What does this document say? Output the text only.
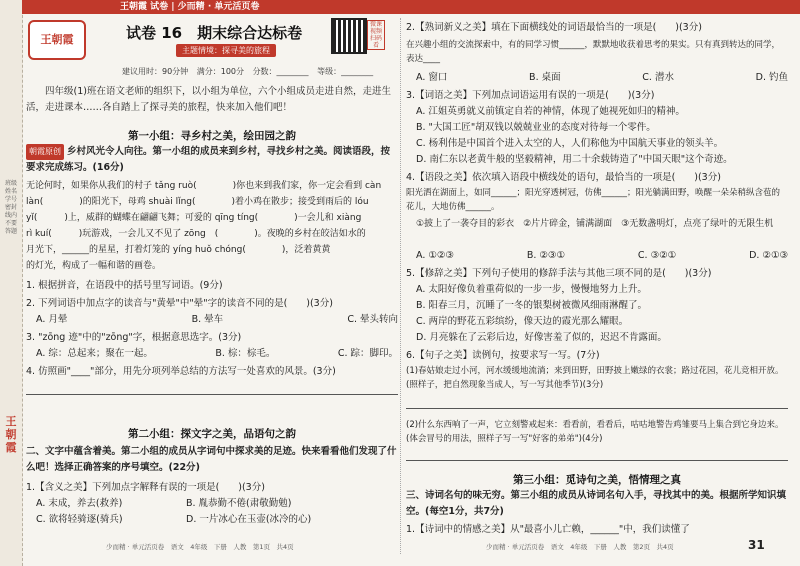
班级 姓名 学号 密封线内不要答题
王朝霞
王朝霞 试卷 | 少而精 · 单元活页卷
王朝霞	试卷 16　期末综合达标卷
主题情境：探寻美的旅程
微课视频扫码看
建议用时：90分钟 满分：100分 分数：________ 等级：________
四年级(1)班在语文老师的组织下，以小组为单位，六个小组成员走进自然，走进生活，走进课本……各自踏上了探寻美的旅程，快来加入他们吧！
第一小组：寻乡村之美，绘田园之韵
朝霞原创 乡村风光令人向往。第一小组的成员来到乡村，寻找乡村之美。阅读语段，按要求完成练习。(16分)
无论何时，如果你从我们的村子 tǎng ruò(　　　　)你也来到我们家，你一定会看到 càn
làn(　　　　)的阳光下，母鸡 shuài lǐng(　　　　)着小鸡在散步；接受到雨后的 lóu
yǐ(　　　)上，威群的蝴蝶在翩翩飞舞；可爱的 qīng tíng(　　　　)一会儿和 xiàng
rì kuí(　　　)玩游戏，一会儿又不见了 zōng　(　　　　)。夜晚的乡村在皎洁如水的
月光下，______的星星，打着灯笼的 yíng huǒ chóng(　　　　)，泛着黄黄
的灯光，构成了一幅和谐的画卷。
1. 根据拼音，在语段中的括号里写词语。(9分)
2. 下列词语中加点字的读音与"黄晕"中"晕"字的读音不同的是(　　)(3分)
A. 月晕	B. 晕车	C. 晕头转向
3. "zōng 迹"中的"zōng"字，根据意思选字。(3分)
A. 综：总起来；聚在一起。	B. 棕：棕毛。	C. 踪：脚印。
4. 仿照画"____"部分，用先分项列举总结的方法写一处喜欢的风景。(3分)
第二小组：探文字之美，品语句之韵
二、文字中蕴含着美。第二小组的成员从字词句中探求美的足迹。快来看看他们发现了什么吧！选择正确答案的序号填空。(22分)
1.【含义之美】下列加点字解释有误的一项是(　　)(3分)
A. 末成，养去(救养)	B. 胤恭勤不倦(肃敬勤勉)
C. 欲将轻骑逐(骑兵)	D. 一片冰心在玉壶(冰冷的心)
少而精 · 单元活页卷　语文　4年级　下册　人教　第1页　共4页
2.【熟词新义之美】填在下面横线处的词语最恰当的一项是(　　)(3分)
在兴趣小组的交流探索中，有的同学习惯______，默默地收获着思考的果实。只有真到转达的同学，表达____
A. 窗口	B. 桌面	C. 潜水	D. 钓鱼
3.【词语之美】下列加点词语运用有误的一项是(　　)(3分)
A. 江姐英勇就义前镇定自若的神情，体现了她视死如归的精神。
B. "大国工匠"胡双钱以兢兢业业的态度对待每一个零件。
C. 杨利伟是中国首个进入太空的人，人们称他为中国航天事业的领头羊。
D. 南仁东以老黄牛般的坚毅精神，用二十余载铸造了"中国天眼"这个奇迹。
4.【语段之美】依次填入语段中横线处的语句，最恰当的一项是(　　)(3分)
阳光洒在湖面上，如同______；阳光穿透树冠，仿佛______；阳光躺满田野，唤醒一朵朵稍纵含苞的花儿，大地仿佛______。
①披上了一袭夺目的彩衣　②片片碎金，铺满湖面　③无数盏明灯，点亮了绿叶的无限生机
A. ①②③	B. ②③①	C. ③②①	D. ②①③
5.【修辞之美】下列句子使用的修辞手法与其他三项不同的是(　　)(3分)
A. 太阳好像负着重荷似的一步一步，慢慢地努力上升。
B. 阳春三月，沉睡了一冬的银梨树被微风细雨淋醒了。
C. 两岸的野花五彩缤纷，像天边的霞光那么耀眼。
D. 月亮躲在了云彩后边，好像害羞了似的，迟迟不肯露面。
6.【句子之美】读例句，按要求写一写。(7分)
(1)春姑娘走过小河，河水缓缓地流淌；来到田野，田野披上嫩绿的衣裳；路过花园，花儿竞相开放。(照样子，把自然现象当成人，写一写其他季节)(3分)
(2)什么东西响了一声，它立刻警戒起来：看看前，看看后，咕咕地警告鸡雏要马上集合到它身边来。(体会冒号的用法，照样子写一写"好客的弟弟")(4分)
第三小组：觅诗句之美，悟情理之真
三、诗词名句的味无穷。第三小组的成员从诗词名句入手，寻找其中的美。根据所学知识填空。(每空1分，共7分)
1.【诗词中的情感之美】从"最喜小儿亡赖，______"中，我们读懂了
少而精 · 单元活页卷　语文　4年级　下册　人教　第2页　共4页	31
